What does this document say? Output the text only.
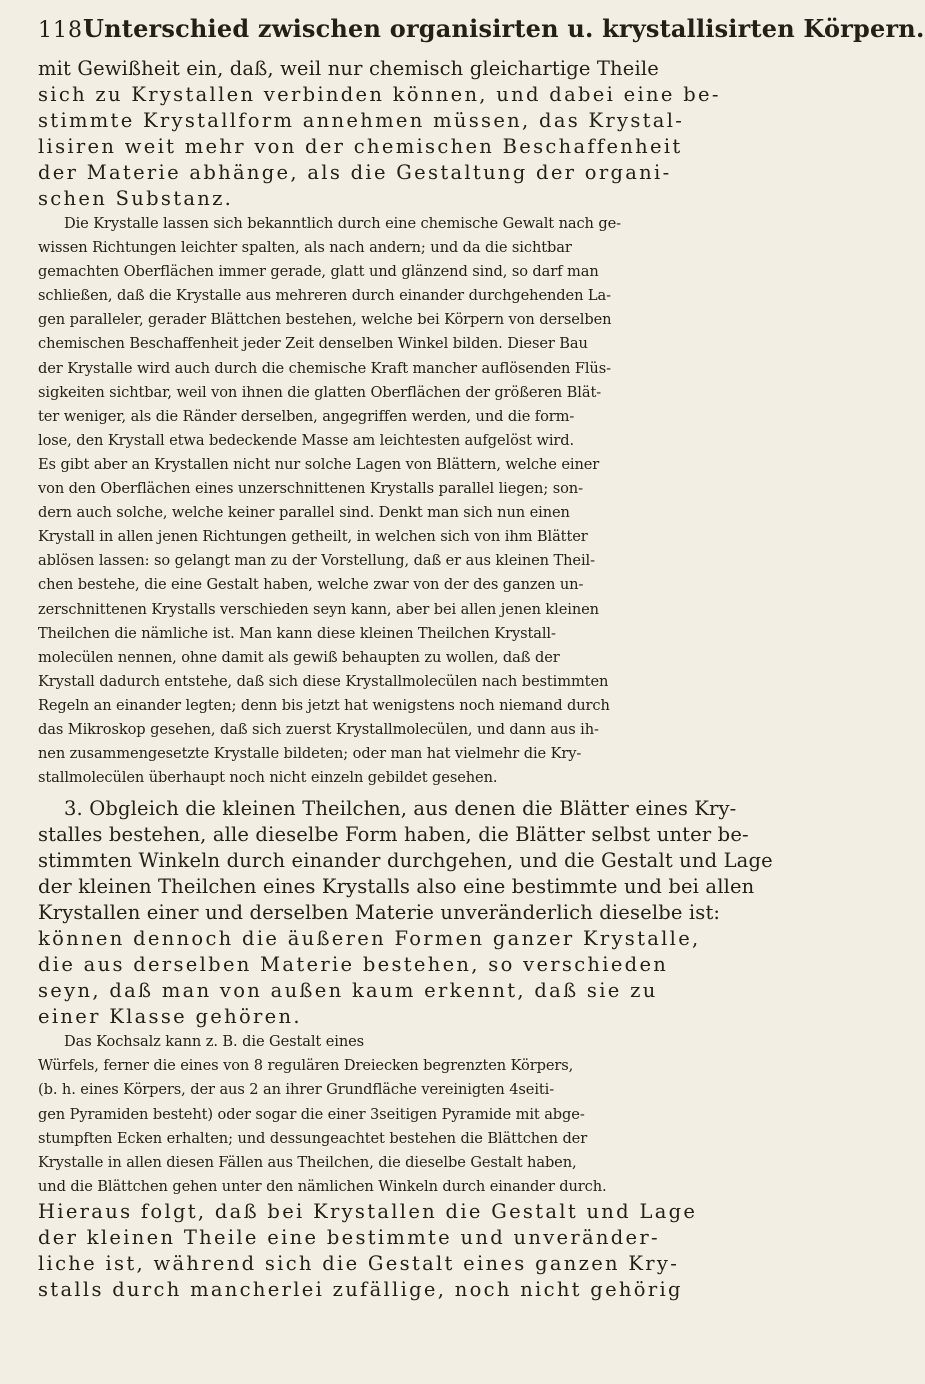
118 Unterschied zwischen organisirten u. krystallisirten Körpern.
mit Gewißheit ein, daß, weil nur chemisch gleichartige Theile
sich zu Krystallen verbinden können, und dabei eine be-
stimmte Krystallform annehmen müssen, das Krystal-
lisiren weit mehr von der chemischen Beschaffenheit
der Materie abhänge, als die Gestaltung der organi-
schen Substanz.
Die Krystalle lassen sich bekanntlich durch eine chemische Gewalt nach ge-
wissen Richtungen leichter spalten, als nach andern; und da die sichtbar
gemachten Oberflächen immer gerade, glatt und glänzend sind, so darf man
schließen, daß die Krystalle aus mehreren durch einander durchgehenden La-
gen paralleler, gerader Blättchen bestehen, welche bei Körpern von derselben
chemischen Beschaffenheit jeder Zeit denselben Winkel bilden. Dieser Bau
der Krystalle wird auch durch die chemische Kraft mancher auflösenden Flüs-
sigkeiten sichtbar, weil von ihnen die glatten Oberflächen der größeren Blät-
ter weniger, als die Ränder derselben, angegriffen werden, und die form-
lose, den Krystall etwa bedeckende Masse am leichtesten aufgelöst wird.
Es gibt aber an Krystallen nicht nur solche Lagen von Blättern, welche einer
von den Oberflächen eines unzerschnittenen Krystalls parallel liegen; son-
dern auch solche, welche keiner parallel sind. Denkt man sich nun einen
Krystall in allen jenen Richtungen getheilt, in welchen sich von ihm Blätter
ablösen lassen: so gelangt man zu der Vorstellung, daß er aus kleinen Theil-
chen bestehe, die eine Gestalt haben, welche zwar von der des ganzen un-
zerschnittenen Krystalls verschieden seyn kann, aber bei allen jenen kleinen
Theilchen die nämliche ist. Man kann diese kleinen Theilchen Krystall-
molecülen nennen, ohne damit als gewiß behaupten zu wollen, daß der
Krystall dadurch entstehe, daß sich diese Krystallmolecülen nach bestimmten
Regeln an einander legten; denn bis jetzt hat wenigstens noch niemand durch
das Mikroskop gesehen, daß sich zuerst Krystallmolecülen, und dann aus ih-
nen zusammengesetzte Krystalle bildeten; oder man hat vielmehr die Kry-
stallmolecülen überhaupt noch nicht einzeln gebildet gesehen.
3. Obgleich die kleinen Theilchen, aus denen die Blätter eines Kry-
stalles bestehen, alle dieselbe Form haben, die Blätter selbst unter be-
stimmten Winkeln durch einander durchgehen, und die Gestalt und Lage
der kleinen Theilchen eines Krystalls also eine bestimmte und bei allen
Krystallen einer und derselben Materie unveränderlich dieselbe ist:
können dennoch die äußeren Formen ganzer Krystalle,
die aus derselben Materie bestehen, so verschieden
seyn, daß man von außen kaum erkennt, daß sie zu
einer Klasse gehören.
Das Kochsalz kann z. B. die Gestalt eines
Würfels, ferner die eines von 8 regulären Dreiecken begrenzten Körpers,
(b. h. eines Körpers, der aus 2 an ihrer Grundfläche vereinigten 4seiti-
gen Pyramiden besteht) oder sogar die einer 3seitigen Pyramide mit abge-
stumpften Ecken erhalten; und dessungeachtet bestehen die Blättchen der
Krystalle in allen diesen Fällen aus Theilchen, die dieselbe Gestalt haben,
und die Blättchen gehen unter den nämlichen Winkeln durch einander durch.
Hieraus folgt, daß bei Krystallen die Gestalt und Lage
der kleinen Theile eine bestimmte und unveränder-
liche ist, während sich die Gestalt eines ganzen Kry-
stalls durch mancherlei zufällige, noch nicht gehörig
